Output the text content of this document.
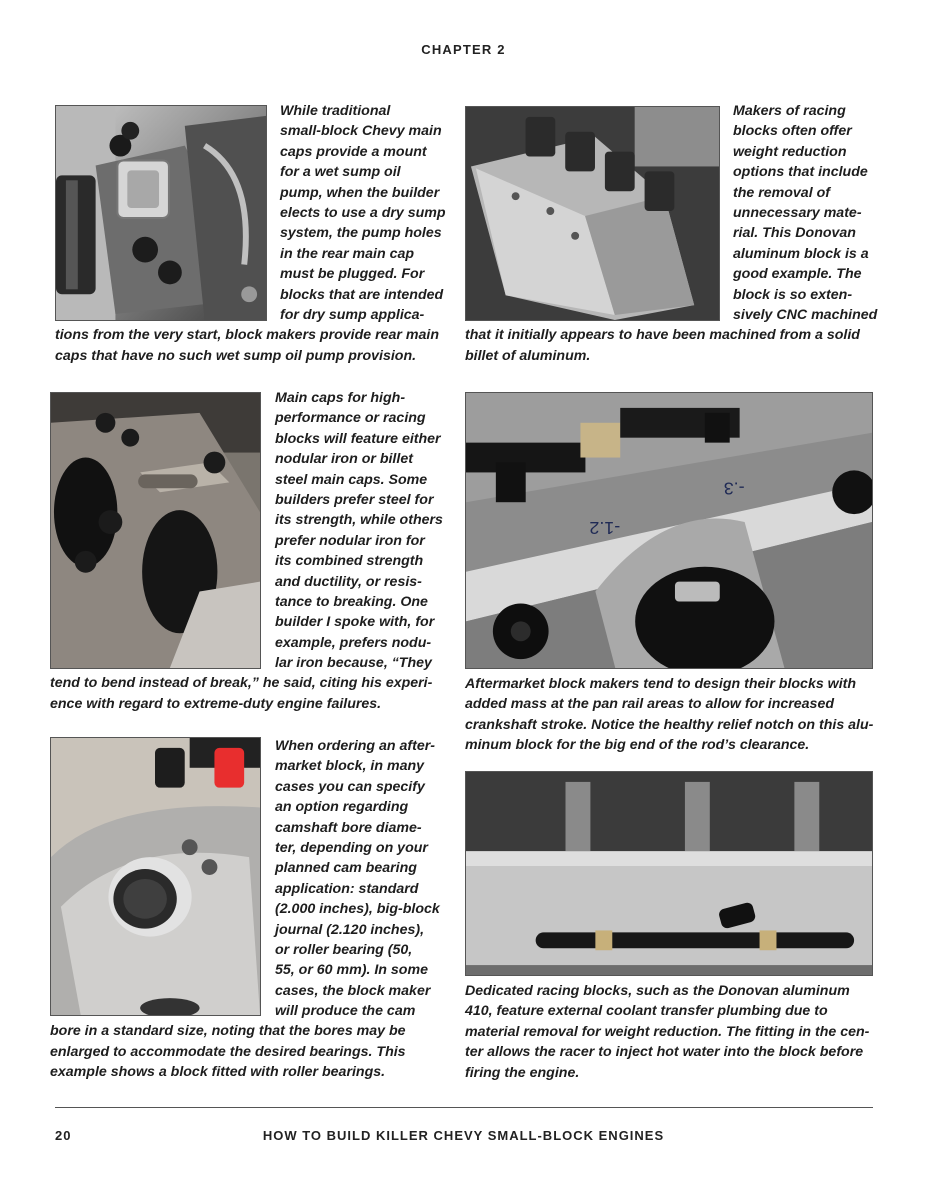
CHAPTER 2
-1.2
-.3
While traditional
small-block Chevy main
caps provide a mount
for a wet sump oil
pump, when the builder
elects to use a dry sump
system, the pump holes
in the rear main cap
must be plugged. For
blocks that are intended
for dry sump applica-
tions from the very start, block makers provide rear main
caps that have no such wet sump oil pump provision.
Makers of racing
blocks often offer
weight reduction
options that include
the removal of
unnecessary mate-
rial. This Donovan
aluminum block is a
good example. The
block is so exten-
sively CNC machined
that it initially appears to have been machined from a solid
billet of aluminum.
Main caps for high-
performance or racing
blocks will feature either
nodular iron or billet
steel main caps. Some
builders prefer steel for
its strength, while others
prefer nodular iron for
its combined strength
and ductility, or resis-
tance to breaking. One
builder I spoke with, for
example, prefers nodu-
lar iron because, “They
tend to bend instead of break,” he said, citing his experi-
ence with regard to extreme-duty engine failures.
Aftermarket block makers tend to design their blocks with
added mass at the pan rail areas to allow for increased
crankshaft stroke. Notice the healthy relief notch on this alu-
minum block for the big end of the rod’s clearance.
When ordering an after-
market block, in many
cases you can specify
an option regarding
camshaft bore diame-
ter, depending on your
planned cam bearing
application: standard
(2.000 inches), big-block
journal (2.120 inches),
or roller bearing (50,
55, or 60 mm). In some
cases, the block maker
will produce the cam
bore in a standard size, noting that the bores may be
enlarged to accommodate the desired bearings. This
example shows a block fitted with roller bearings.
Dedicated racing blocks, such as the Donovan aluminum
410, feature external coolant transfer plumbing due to
material removal for weight reduction. The fitting in the cen-
ter allows the racer to inject hot water into the block before
firing the engine.
20	HOW TO BUILD KILLER CHEVY SMALL-BLOCK ENGINES
